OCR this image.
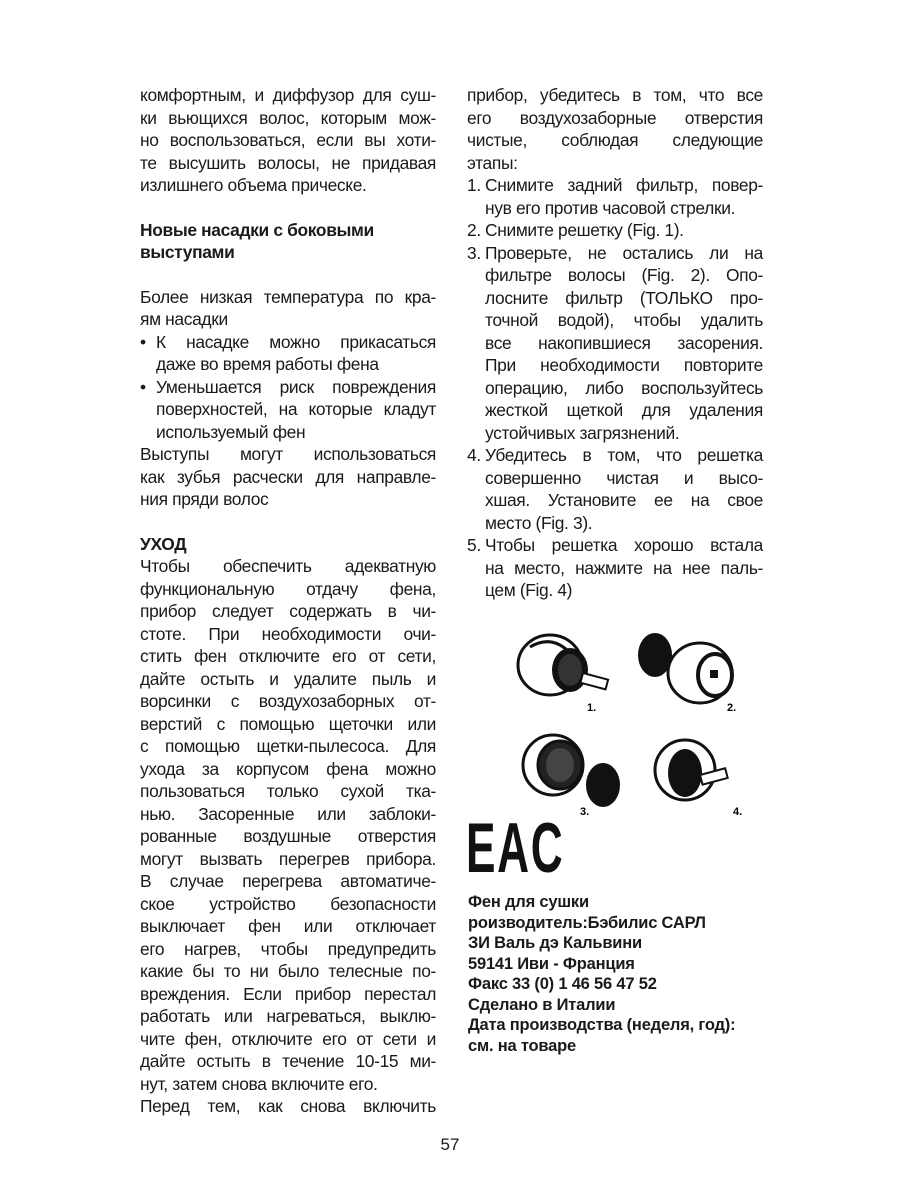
комфортным, и диффузор для суш-
ки вьющихся волос, которым мож-
но воспользоваться, если вы хоти-
те высушить волосы, не придавая
излишнего объема прическе.
Новые насадки с боковыми
выступами
Более низкая температура по кра-
ям насадки
• К насадке можно прикасаться
даже во время работы фена
• Уменьшается риск повреждения
поверхностей, на которые кладут
используемый фен
Выступы могут использоваться
как зубья расчески для направле-
ния пряди волос
УХОД
Чтобы обеспечить адекватную
функциональную отдачу фена,
прибор следует содержать в чи-
стоте. При необходимости очи-
стить фен отключите его от сети,
дайте остыть и удалите пыль и
ворсинки с воздухозаборных от-
верстий с помощью щеточки или
с помощью щетки-пылесоса. Для
ухода за корпусом фена можно
пользоваться только сухой тка-
нью. Засоренные или заблоки-
рованные воздушные отверстия
могут вызвать перегрев прибора.
В случае перегрева автоматиче-
ское устройство безопасности
выключает фен или отключает
его нагрев, чтобы предупредить
какие бы то ни было телесные по-
вреждения. Если прибор перестал
работать или нагреваться, выклю-
чите фен, отключите его от сети и
дайте остыть в течение 10-15 ми-
нут, затем снова включите его.
Перед тем, как снова включить
прибор, убедитесь в том, что все
его воздухозаборные отверстия
чистые, соблюдая следующие
этапы:
1. Снимите задний фильтр, повер-
нув его против часовой стрелки.
2. Снимите решетку (Fig. 1).
3. Проверьте, не остались ли на
фильтре волосы (Fig. 2). Опо-
лосните фильтр (ТОЛЬКО про-
точной водой), чтобы удалить
все накопившиеся засорения.
При необходимости повторите
операцию, либо воспользуйтесь
жесткой щеткой для удаления
устойчивых загрязнений.
4. Убедитесь в том, что решетка
совершенно чистая и высо-
хшая. Установите ее на свое
место (Fig. 3).
5. Чтобы решетка хорошо встала
на место, нажмите на нее паль-
цем (Fig. 4)
1.	2.
3.	4.
EAC
Фен для сушки
роизводитель:Бэбилис САРЛ
ЗИ Валь дэ Кальвини
59141 Иви - Франция
Факс 33 (0) 1 46 56 47 52
Сделано в Италии
Дата производства (неделя, год):
см. на товаре
57
